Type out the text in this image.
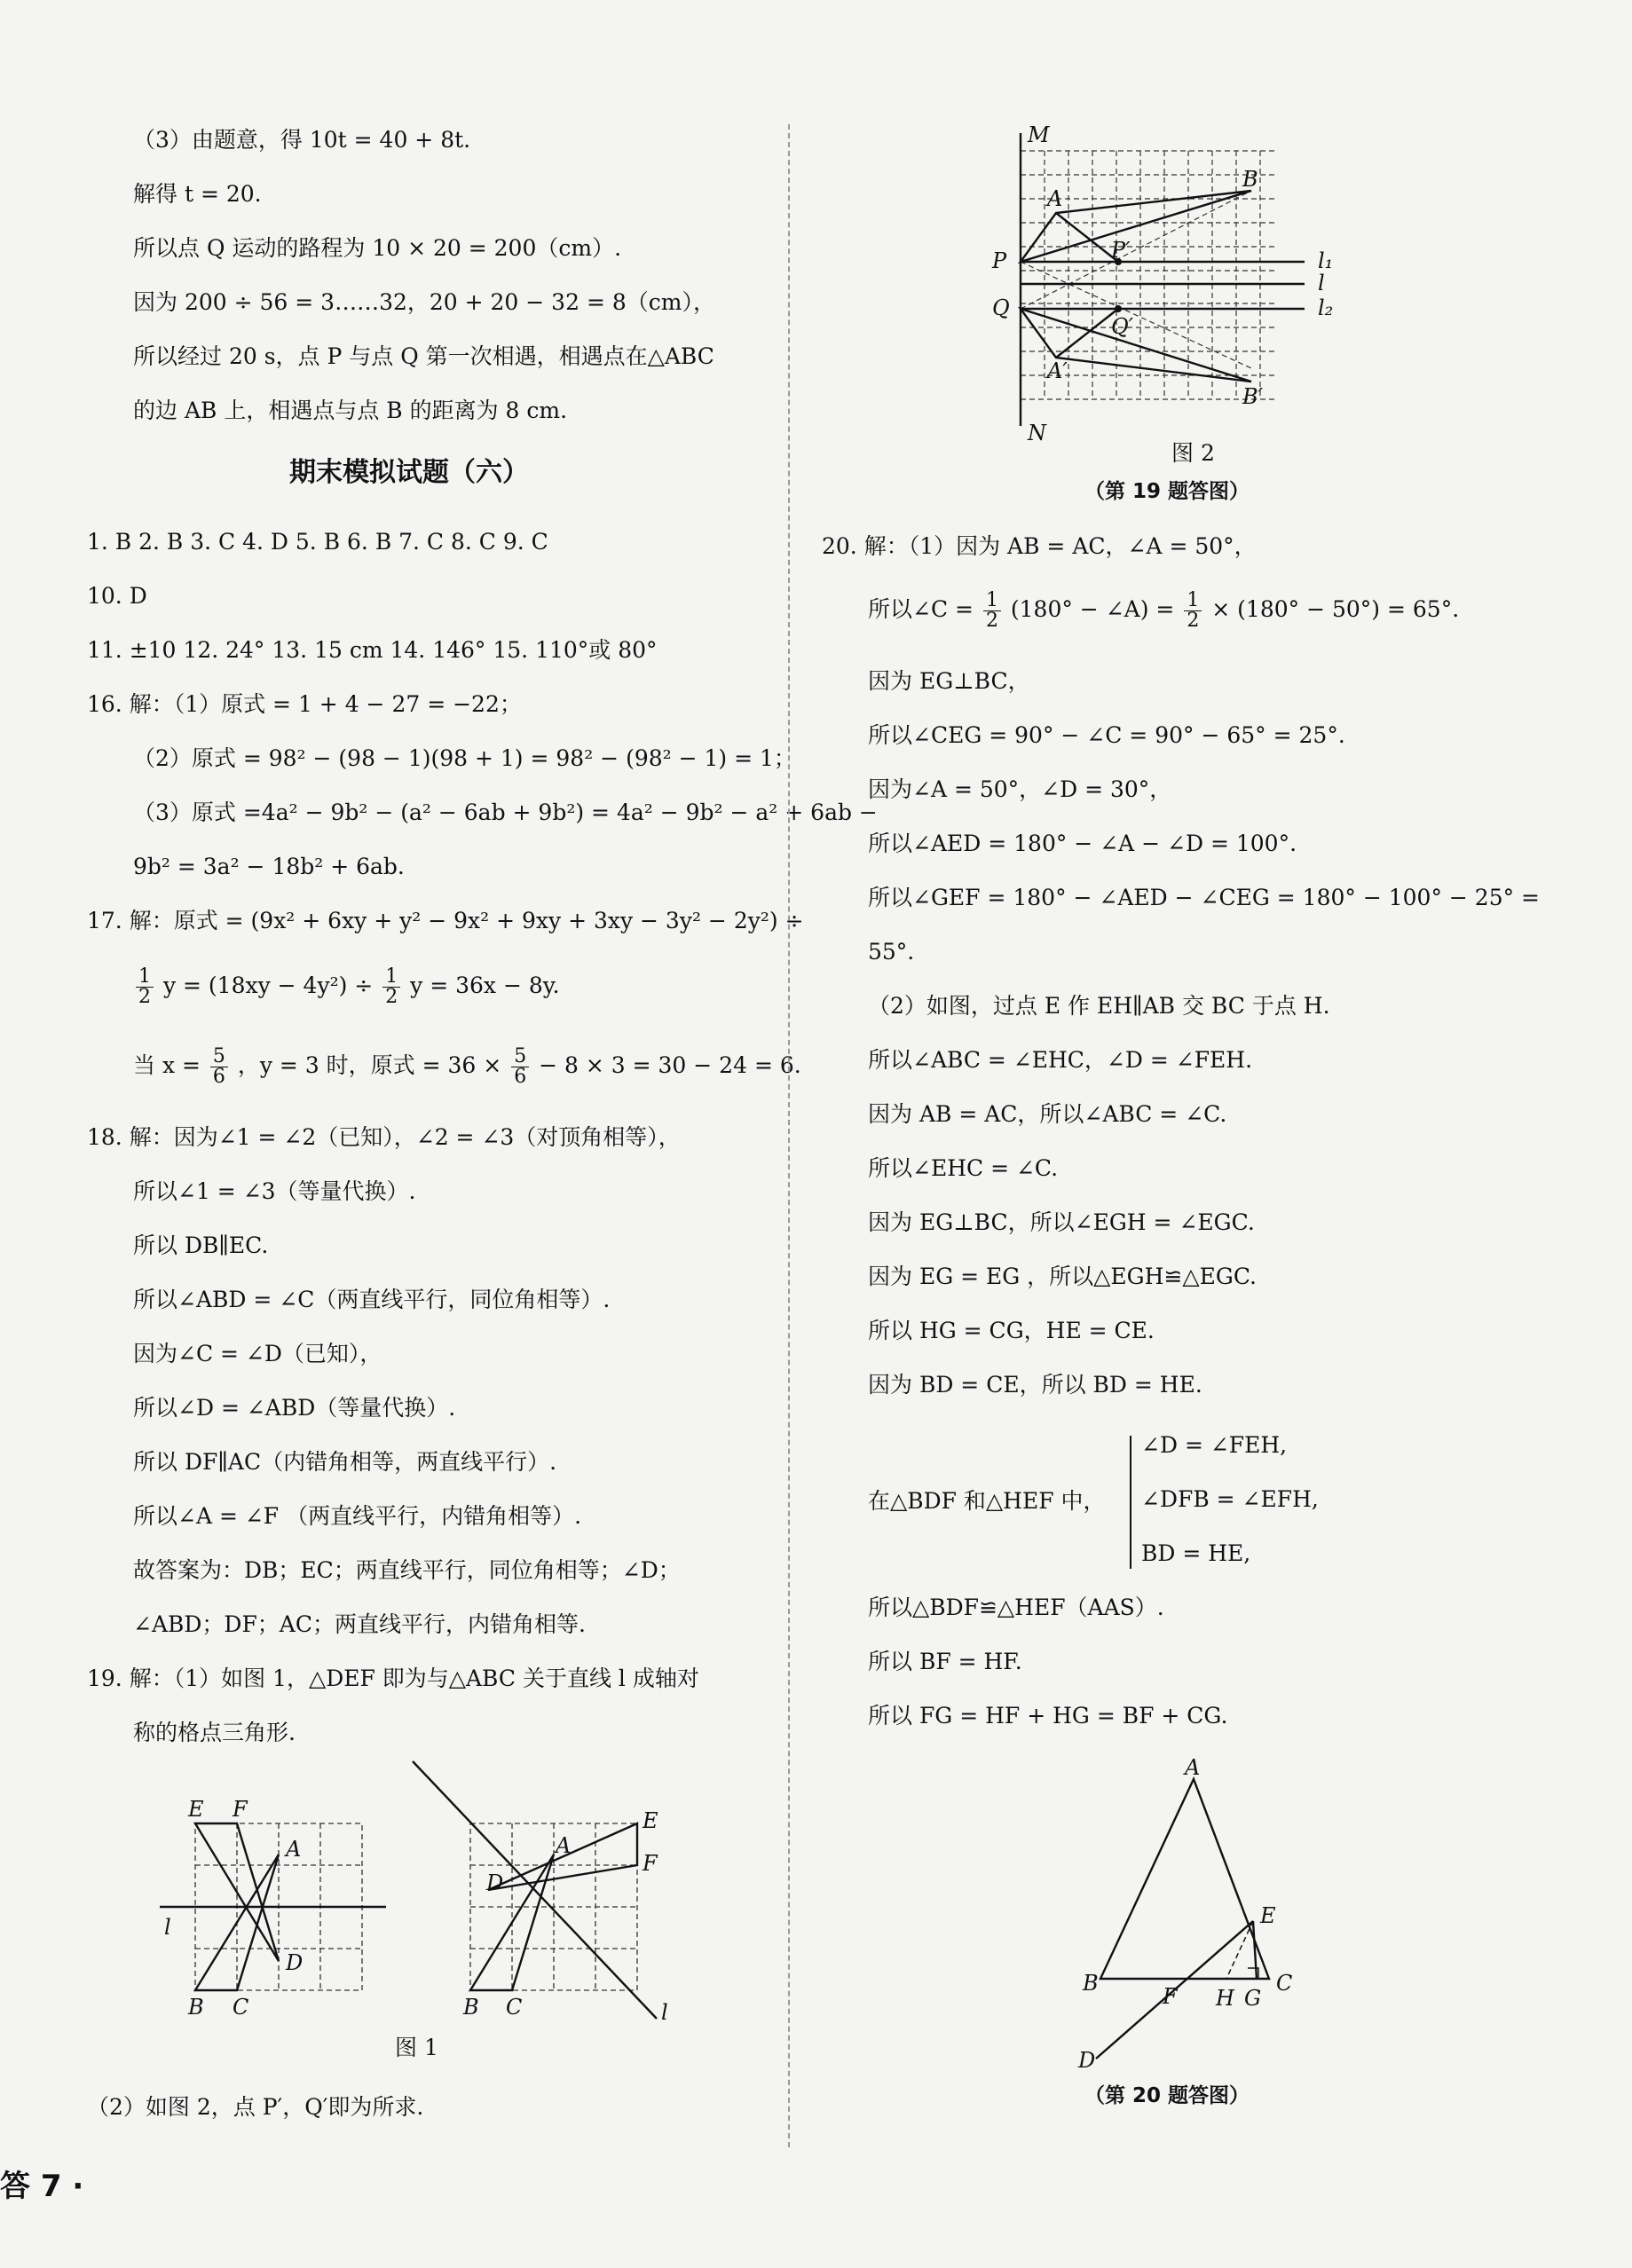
（3）由题意，得 10t = 40 + 8t.
解得 t = 20.
所以点 Q 运动的路程为 10 × 20 = 200（cm）.
因为 200 ÷ 56 = 3……32，20 + 20 − 32 = 8（cm），
所以经过 20 s，点 P 与点 Q 第一次相遇，相遇点在△ABC
的边 AB 上，相遇点与点 B 的距离为 8 cm.
期末模拟试题（六）
1. B 2. B 3. C 4. D 5. B 6. B 7. C 8. C 9. C
10. D
11. ±10 12. 24° 13. 15 cm 14. 146° 15. 110°或 80°
16. 解：（1）原式 = 1 + 4 − 27 = −22；
（2）原式 = 98² − (98 − 1)(98 + 1) = 98² − (98² − 1) = 1；
（3）原式 =4a² − 9b² − (a² − 6ab + 9b²) = 4a² − 9b² − a² + 6ab −
9b² = 3a² − 18b² + 6ab.
17. 解：原式 = (9x² + 6xy + y² − 9x² + 9xy + 3xy − 3y² − 2y²) ÷
$\frac{1}{2}$ $y = (18xy - 4y^2) \div \frac{1}{2}$ y = 36x − 8y.
当 $x = \frac{5}{6}$ ，y = 3 时，原式 = $36 \times \frac{5}{6} - 8 \times 3 = 30 - 24 = 6$.
18. 解：因为∠1 = ∠2（已知），∠2 = ∠3（对顶角相等），
所以∠1 = ∠3（等量代换）.
所以 DB∥EC.
所以∠ABD = ∠C（两直线平行，同位角相等）.
因为∠C = ∠D（已知），
所以∠D = ∠ABD（等量代换）.
所以 DF∥AC（内错角相等，两直线平行）.
所以∠A = ∠F （两直线平行，内错角相等）.
故答案为：DB；EC；两直线平行，同位角相等；∠D；
∠ABD；DF；AC；两直线平行，内错角相等.
19. 解：（1）如图 1，△DEF 即为与△ABC 关于直线 l 成轴对
称的格点三角形.
E F
A
D
B C
l
A
D
E
F
B C	l
图 1
（2）如图 2，点 P′，Q′即为所求.
M
N
P
Q
A
A′
B
B′
P′
Q′
l₁
l
l₂
图 2
（第 19 题答图）
20. 解：（1）因为 AB = AC，∠A = 50°，
所以∠C = $\frac{1}{2} (180^\circ$ − ∠A) = $\frac{1}{2} \times (180^\circ - 50^\circ) = 65^\circ$.
因为 EG⊥BC，
所以∠CEG = 90° − ∠C = 90° − 65° = 25°.
因为∠A = 50°，∠D = 30°，
所以∠AED = 180° − ∠A − ∠D = 100°.
所以∠GEF = 180° − ∠AED − ∠CEG = 180° − 100° − 25° =
55°.
（2）如图，过点 E 作 EH∥AB 交 BC 于点 H.
所以∠ABC = ∠EHC，∠D = ∠FEH.
因为 AB = AC，所以∠ABC = ∠C.
所以∠EHC = ∠C.
因为 EG⊥BC，所以∠EGH = ∠EGC.
因为 EG = EG ，所以△EGH≌△EGC.
所以 HG = CG，HE = CE.
因为 BD = CE，所以 BD = HE.
在△BDF 和△HEF 中，
∠D = ∠FEH,
∠DFB = ∠EFH,
BD = HE,
所以△BDF≌△HEF（AAS）.
所以 BF = HF.
所以 FG = HF + HG = BF + CG.
A
B	C
E
F H G
D
（第 20 题答图）
答 7 ·
